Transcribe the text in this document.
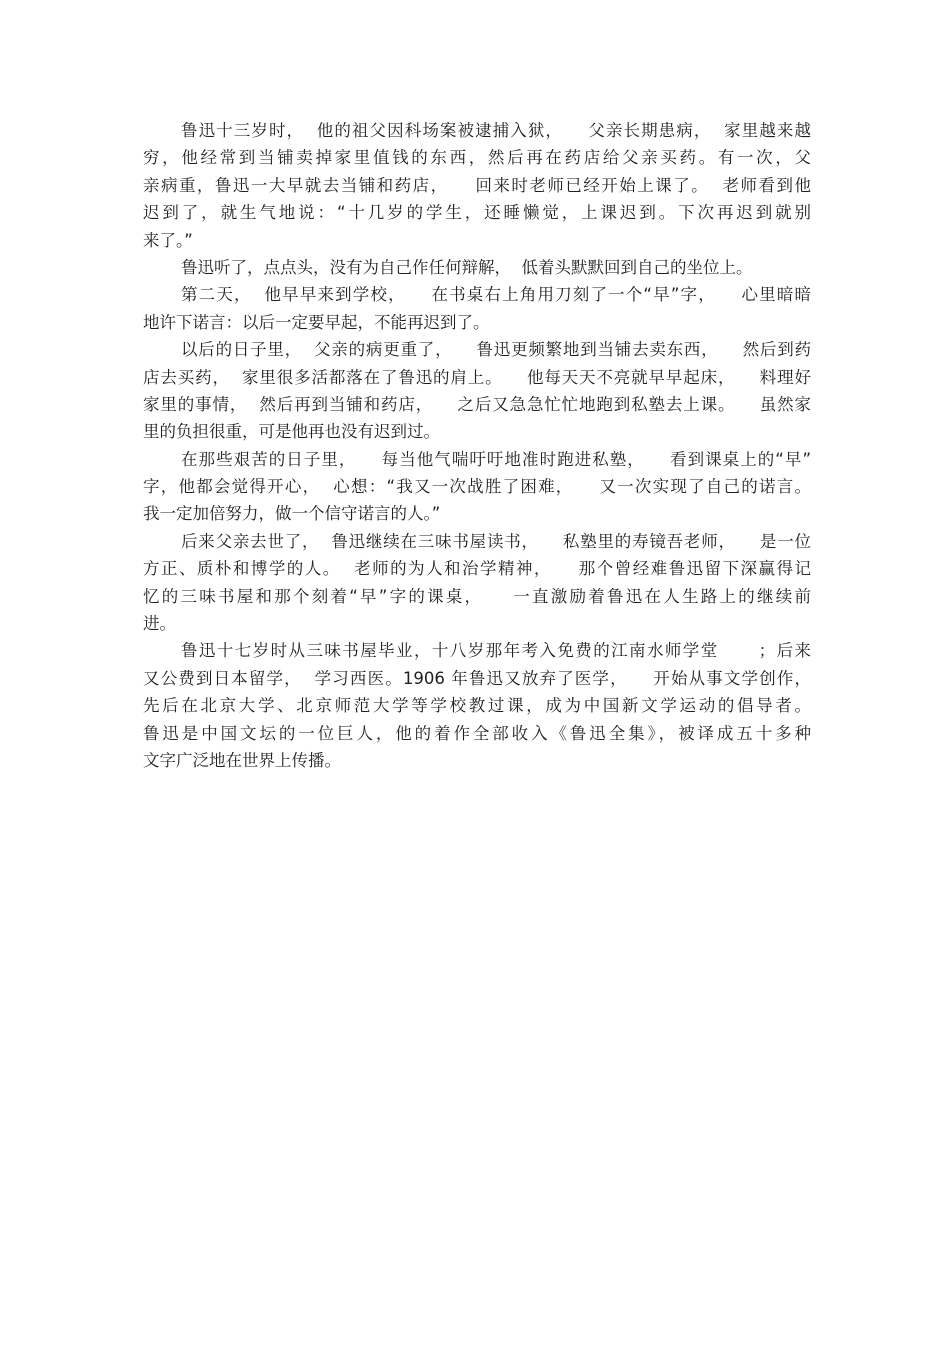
鲁迅十三岁时，  他的祖父因科场案被逮捕入狱，    父亲长期患病，  家里越来越
穷，他经常到当铺卖掉家里值钱的东西，然后再在药店给父亲买药。有一次，父
亲病重，鲁迅一大早就去当铺和药店，    回来时老师已经开始上课了。  老师看到他
迟到了，就生气地说：“十几岁的学生，还睡懒觉，上课迟到。下次再迟到就别
来了。”
鲁迅听了，点点头，没有为自己作任何辩解，  低着头默默回到自己的坐位上。
第二天，  他早早来到学校，    在书桌右上角用刀刻了一个“早”字，    心里暗暗
地许下诺言：以后一定要早起，不能再迟到了。
以后的日子里，  父亲的病更重了，    鲁迅更频繁地到当铺去卖东西，    然后到药
店去买药，  家里很多活都落在了鲁迅的肩上。    他每天天不亮就早早起床，    料理好
家里的事情，  然后再到当铺和药店，    之后又急急忙忙地跑到私塾去上课。    虽然家
里的负担很重，可是他再也没有迟到过。
在那些艰苦的日子里，    每当他气喘吁吁地准时跑进私塾，    看到课桌上的“早”
字，他都会觉得开心，  心想：“我又一次战胜了困难，    又一次实现了自己的诺言。
我一定加倍努力，做一个信守诺言的人。”
后来父亲去世了，  鲁迅继续在三味书屋读书，    私塾里的寿镜吾老师，    是一位
方正、质朴和博学的人。  老师的为人和治学精神，    那个曾经难鲁迅留下深赢得记
忆的三味书屋和那个刻着“早”字的课桌，    一直激励着鲁迅在人生路上的继续前
进。
鲁迅十七岁时从三味书屋毕业，十八岁那年考入免费的江南水师学堂      ；后来
又公费到日本留学，  学习西医。1906 年鲁迅又放弃了医学，    开始从事文学创作，
先后在北京大学、北京师范大学等学校教过课，成为中国新文学运动的倡导者。
鲁迅是中国文坛的一位巨人，他的着作全部收入《鲁迅全集》，被译成五十多种
文字广泛地在世界上传播。
